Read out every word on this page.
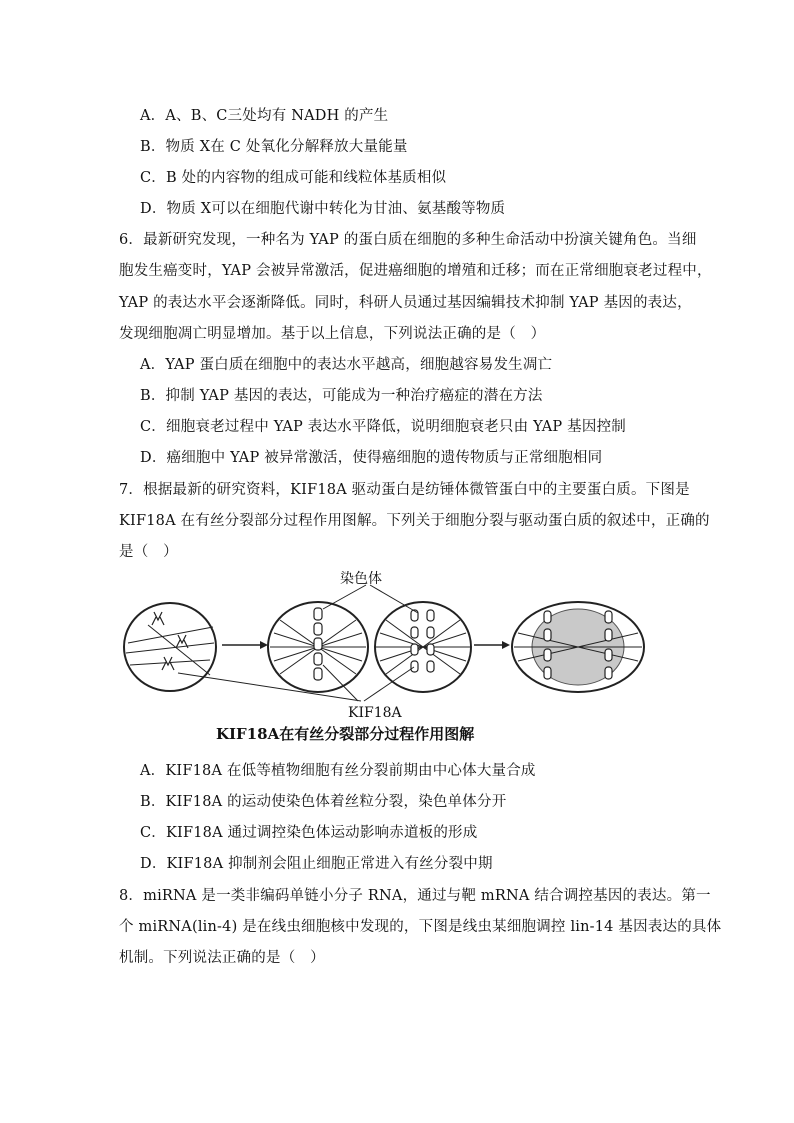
A．A、B、C三处均有 NADH 的产生
B．物质 X在 C 处氧化分解释放大量能量
C．B 处的内容物的组成可能和线粒体基质相似
D．物质 X可以在细胞代谢中转化为甘油、氨基酸等物质
6．最新研究发现，一种名为 YAP 的蛋白质在细胞的多种生命活动中扮演关键角色。当细
胞发生癌变时，YAP 会被异常激活，促进癌细胞的增殖和迁移；而在正常细胞衰老过程中，
YAP 的表达水平会逐渐降低。同时，科研人员通过基因编辑技术抑制 YAP 基因的表达，
发现细胞凋亡明显增加。基于以上信息，下列说法正确的是（　）
A．YAP 蛋白质在细胞中的表达水平越高，细胞越容易发生凋亡
B．抑制 YAP 基因的表达，可能成为一种治疗癌症的潜在方法
C．细胞衰老过程中 YAP 表达水平降低，说明细胞衰老只由 YAP 基因控制
D．癌细胞中 YAP 被异常激活，使得癌细胞的遗传物质与正常细胞相同
7．根据最新的研究资料，KIF18A 驱动蛋白是纺锤体微管蛋白中的主要蛋白质。下图是
KIF18A 在有丝分裂部分过程作用图解。下列关于细胞分裂与驱动蛋白质的叙述中，正确的
是（　）
染色体
KIF18A
KIF18A在有丝分裂部分过程作用图解
A．KIF18A 在低等植物细胞有丝分裂前期由中心体大量合成
B．KIF18A 的运动使染色体着丝粒分裂，染色单体分开
C．KIF18A 通过调控染色体运动影响赤道板的形成
D．KIF18A 抑制剂会阻止细胞正常进入有丝分裂中期
8．miRNA 是一类非编码单链小分子 RNA，通过与靶 mRNA 结合调控基因的表达。第一
个 miRNA(lin-4) 是在线虫细胞核中发现的，下图是线虫某细胞调控 lin-14 基因表达的具体
机制。下列说法正确的是（　）
